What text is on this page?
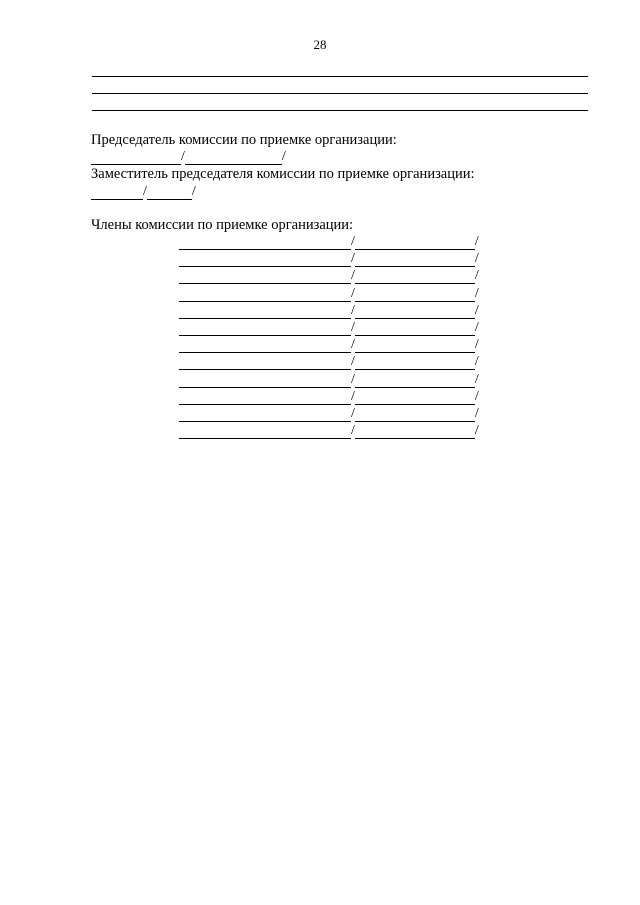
28
Председатель комиссии по приемке организации:
/	/
Заместитель председателя комиссии по приемке организации:
/	/
Члены комиссии по приемке организации:
/	/
/	/
/	/
/	/
/	/
/	/
/	/
/	/
/	/
/	/
/	/
/	/
